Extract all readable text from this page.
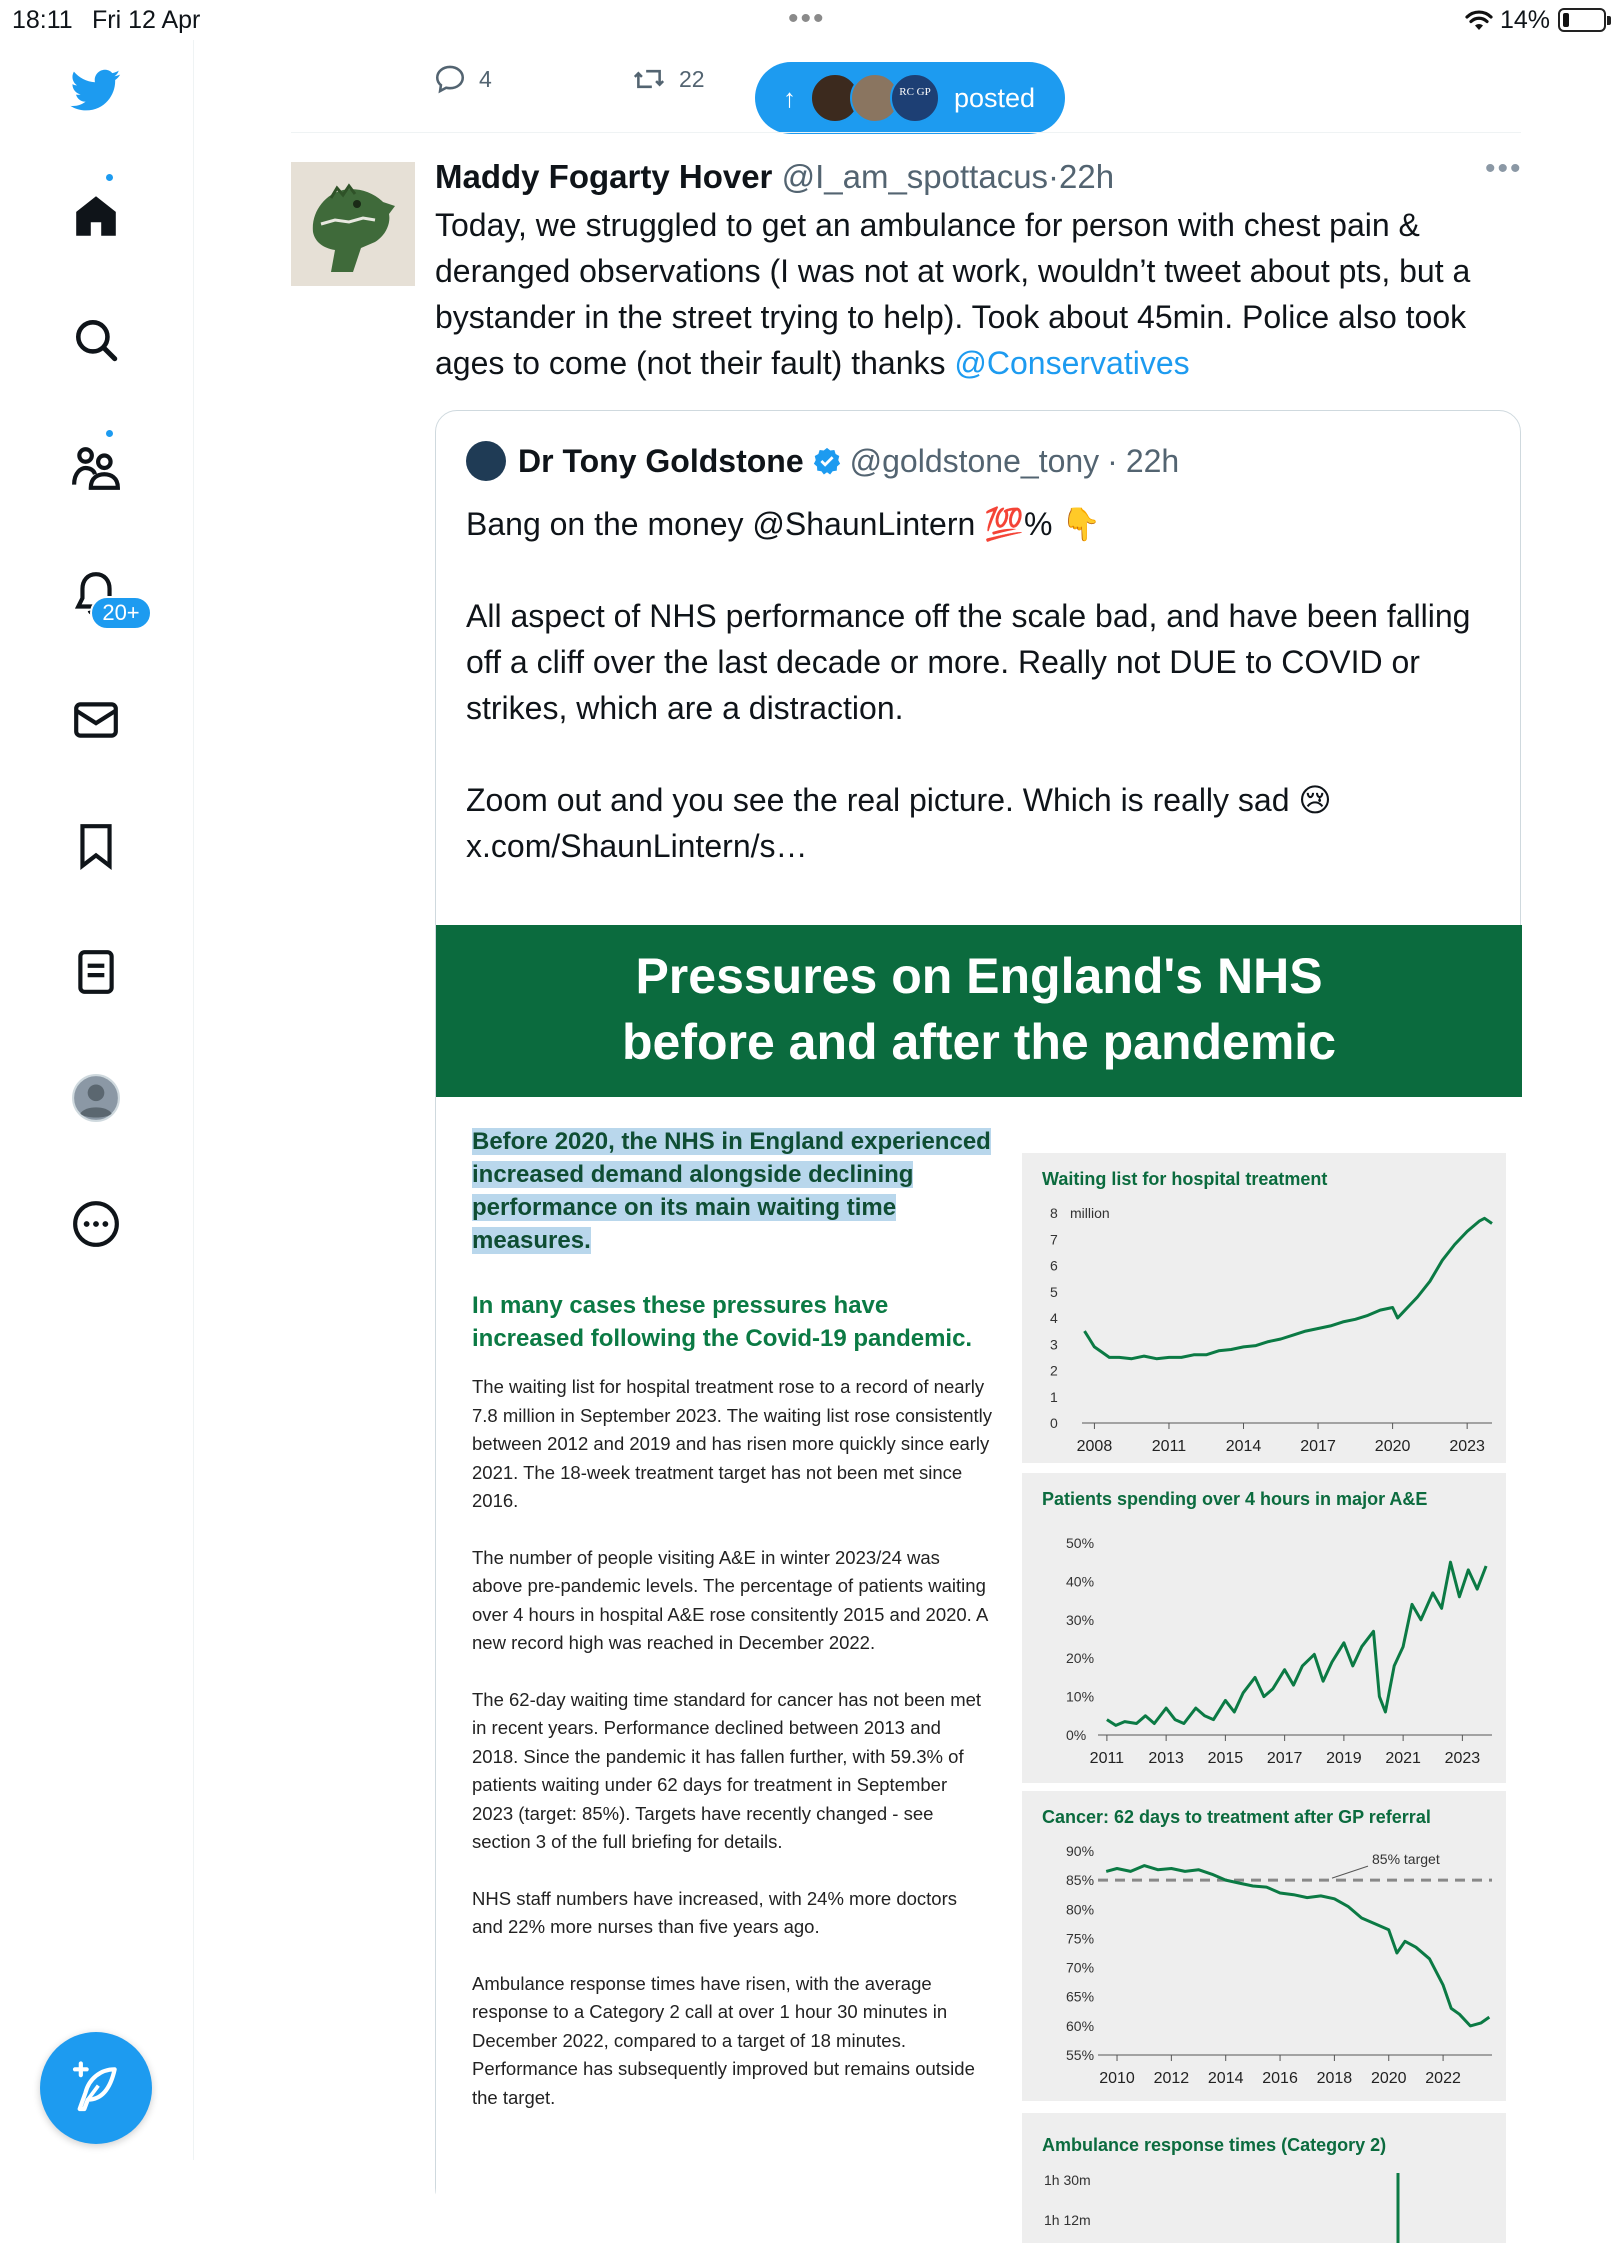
18:11 Fri 12 Apr	•••	14%
20+
4	22
↑	RC GP posted
Maddy Fogarty Hover @I_am_spottacus·22h	•••
Today, we struggled to get an ambulance for person with chest pain & deranged observations (I was not at work, wouldn’t tweet about pts, but a bystander in the street trying to help). Took about 45min. Police also took ages to come (not their fault) thanks @Conservatives
Dr Tony Goldstone @goldstone_tony · 22h

Bang on the money @ShaunLintern 💯% 👇

All aspect of NHS performance off the scale bad, and have been falling off a cliff over the last decade or more. Really not DUE to COVID or strikes, which are a distraction.

Zoom out and you see the real picture. Which is really sad 😢
x.com/ShaunLintern/s…

Pressures on England's NHS
before and after the pandemic
Before 2020, the NHS in England experienced increased demand alongside declining performance on its main waiting time measures.
In many cases these pressures have increased following the Covid-19 pandemic.
The waiting list for hospital treatment rose to a record of nearly 7.8 million in September 2023. The waiting list rose consistently between 2012 and 2019 and has risen more quickly since early 2021. The 18-week treatment target has not been met since 2016.
The number of people visiting A&E in winter 2023/24 was above pre-pandemic levels. The percentage of patients waiting over 4 hours in hospital A&E rose consitently 2015 and 2020. A new record high was reached in December 2022.
The 62-day waiting time standard for cancer has not been met in recent years. Performance declined between 2013 and 2018. Since the pandemic it has fallen further, with 59.3% of patients waiting under 62 days for treatment in September 2023 (target: 85%). Targets have recently changed - see section 3 of the full briefing for details.
NHS staff numbers have increased, with 24% more doctors and 22% more nurses than five years ago.
Ambulance response times have risen, with the average response to a Category 2 call at over 1 hour 30 minutes in December 2022, compared to a target of 18 minutes. Performance has subsequently improved but remains outside the target.
Waiting list for hospital treatment
0
1
2
3
4
5
6
7
8 million
2008 2011 2014 2017 2020 2023
Patients spending over 4 hours in major A&E
0%
10%
20%
30%
40%
50%
2011 2013 2015 2017 2019 2021 2023
Cancer: 62 days to treatment after GP referral
55%
60%
65%
70%
75%
80%
85%
90%
2010 2012 2014 2016 2018 2020 2022
85% target
Ambulance response times (Category 2)
1h 30m
1h 12m
